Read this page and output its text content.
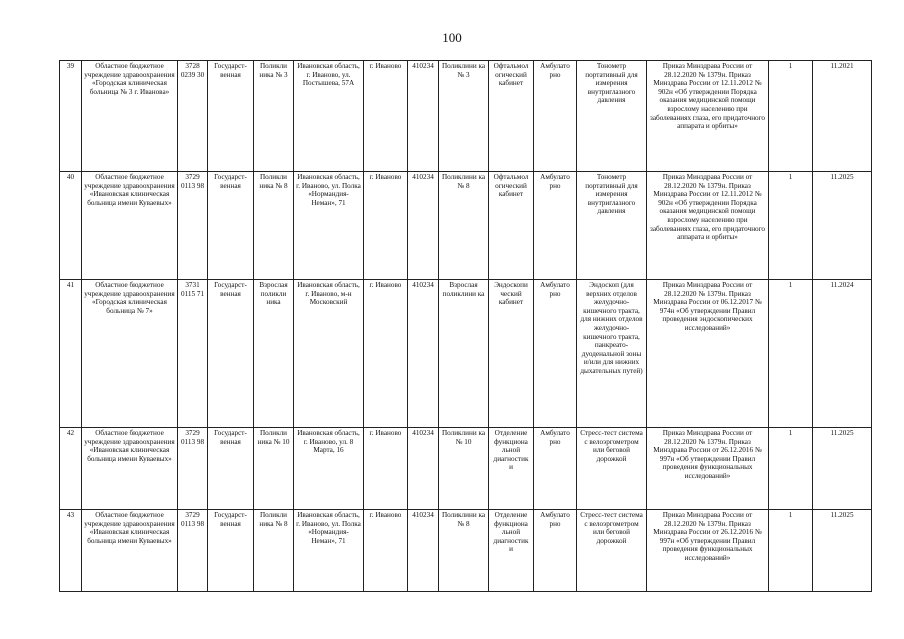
100
39	Областное бюджетное учреждение здравоохранения «Городская клиническая больница № 3 г. Иванова»	3728 0239 30	Государст-венная	Поликли ника № 3	Ивановская область, г. Иваново, ул. Постышева, 57А	г. Иваново	410234	Поликлини ка № 3	Офтальмол огический кабинет	Амбулато рно	Тонометр портативный для измерения внутриглазного давления	Приказ Минздрава России от 28.12.2020 № 1379н. Приказ Минздрава России от 12.11.2012 № 902н «Об утверждении Порядка оказания медицинской помощи взрослому населению при заболеваниях глаза, его придаточного аппарата и орбиты»	1	11.2021
40	Областное бюджетное учреждение здравоохранения «Ивановская клиническая больница имени Куваевых»	3729 0113 98	Государст-венная	Поликли ника № 8	Ивановская область, г. Иваново, ул. Полка «Нормандия-Неман», 71	г. Иваново	410234	Поликлини ка № 8	Офтальмол огический кабинет	Амбулато рно	Тонометр портативный для измерения внутриглазного давления	Приказ Минздрава России от 28.12.2020 № 1379н. Приказ Минздрава России от 12.11.2012 № 902н «Об утверждении Порядка оказания медицинской помощи взрослому населению при заболеваниях глаза, его придаточного аппарата и орбиты»	1	11.2025
41	Областное бюджетное учреждение здравоохранения «Городская клиническая больница № 7»	3731 0115 71	Государст-венная	Взрослая поликли ника	Ивановская область, г. Иваново, м-н Московский	г. Иваново	410234	Взрослая поликлини ка	Эндоскопи ческий кабинет	Амбулато рно	Эндоскоп (для верхних отделов желудочно-кишечного тракта, для нижних отделов желудочно-кишечного тракта, панкреато-дуоденальной зоны и/или для нижних дыхательных путей)	Приказ Минздрава России от 28.12.2020 № 1379н. Приказ Минздрава России от 06.12.2017 № 974н «Об утверждении Правил проведения эндоскопических исследований»	1	11.2024
42	Областное бюджетное учреждение здравоохранения «Ивановская клиническая больница имени Куваевых»	3729 0113 98	Государст-венная	Поликли ника № 10	Ивановская область, г. Иваново, ул. 8 Марта, 16	г. Иваново	410234	Поликлини ка № 10	Отделение функциона льной диагностик и	Амбулато рно	Стресс-тест система с велоэргометром или беговой дорожкой	Приказ Минздрава России от 28.12.2020 № 1379н. Приказ Минздрава России от 26.12.2016 № 997н «Об утверждении Правил проведения функциональных исследований»	1	11.2025
43	Областное бюджетное учреждение здравоохранения «Ивановская клиническая больница имени Куваевых»	3729 0113 98	Государст-венная	Поликли ника № 8	Ивановская область, г. Иваново, ул. Полка «Нормандия-Неман», 71	г. Иваново	410234	Поликлини ка № 8	Отделение функциона льной диагностик и	Амбулато рно	Стресс-тест система с велоэргометром или беговой дорожкой	Приказ Минздрава России от 28.12.2020 № 1379н. Приказ Минздрава России от 26.12.2016 № 997н «Об утверждении Правил проведения функциональных исследований»	1	11.2025
